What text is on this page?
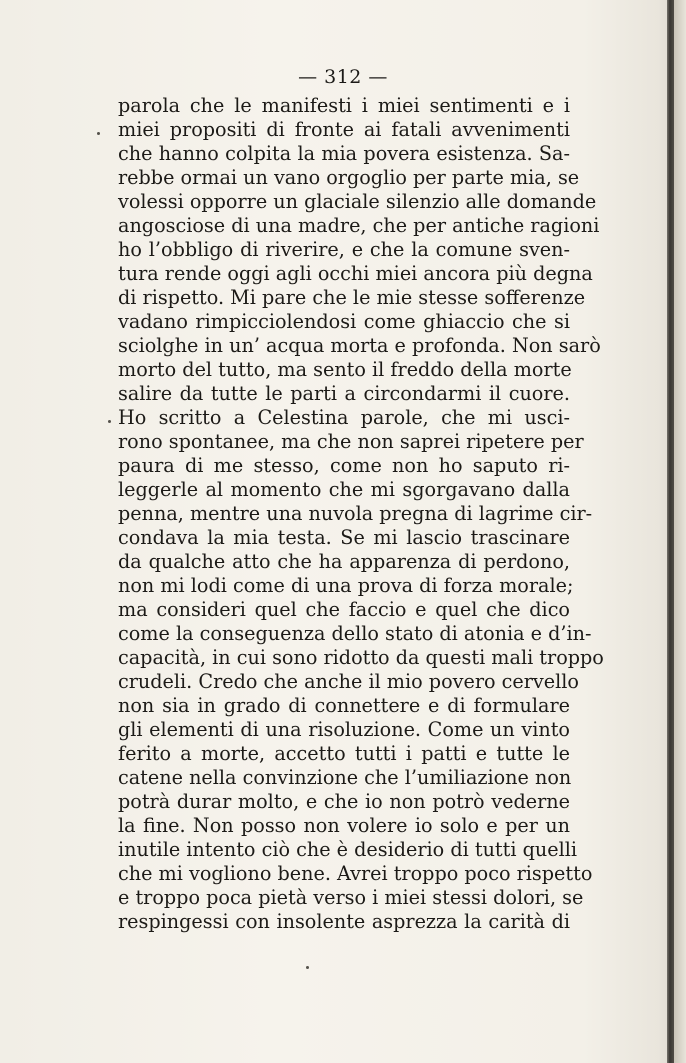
— 312 —
parola che le manifesti i miei sentimenti e i
miei propositi di fronte ai fatali avvenimenti
che hanno colpita la mia povera esistenza. Sa-
rebbe ormai un vano orgoglio per parte mia, se
volessi opporre un glaciale silenzio alle domande
angosciose di una madre, che per antiche ragioni
ho l’obbligo di riverire, e che la comune sven-
tura rende oggi agli occhi miei ancora più degna
di rispetto. Mi pare che le mie stesse sofferenze
vadano rimpicciolendosi come ghiaccio che si
sciolghe in un’ acqua morta e profonda. Non sarò
morto del tutto, ma sento il freddo della morte
salire da tutte le parti a circondarmi il cuore.
Ho scritto a Celestina parole, che mi usci-
rono spontanee, ma che non saprei ripetere per
paura di me stesso, come non ho saputo ri-
leggerle al momento che mi sgorgavano dalla
penna, mentre una nuvola pregna di lagrime cir-
condava la mia testa. Se mi lascio trascinare
da qualche atto che ha apparenza di perdono,
non mi lodi come di una prova di forza morale;
ma consideri quel che faccio e quel che dico
come la conseguenza dello stato di atonia e d’in-
capacità, in cui sono ridotto da questi mali troppo
crudeli. Credo che anche il mio povero cervello
non sia in grado di connettere e di formulare
gli elementi di una risoluzione. Come un vinto
ferito a morte, accetto tutti i patti e tutte le
catene nella convinzione che l’umiliazione non
potrà durar molto, e che io non potrò vederne
la fine. Non posso non volere io solo e per un
inutile intento ciò che è desiderio di tutti quelli
che mi vogliono bene. Avrei troppo poco rispetto
e troppo poca pietà verso i miei stessi dolori, se
respingessi con insolente asprezza la carità di
